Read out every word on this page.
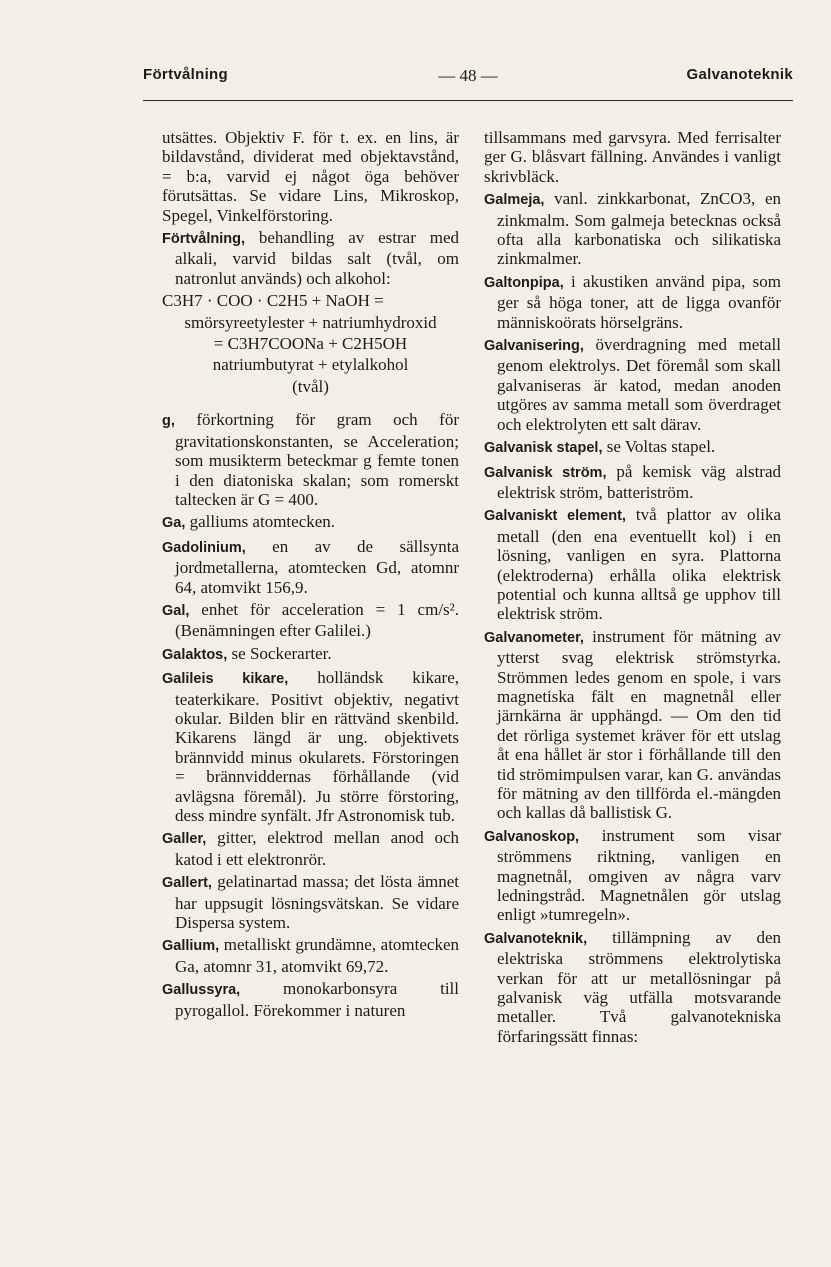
Förtvålning	— 48 —	Galvanoteknik

utsättes. Objektiv F. för t. ex. en lins, är bildavstånd, dividerat med objektavstånd, = b:a, varvid ej något öga behöver förutsättas. Se vidare Lins, Mikroskop, Spegel, Vinkelförstoring.

Förtvålning, behandling av estrar med alkali, varvid bildas salt (tvål, om natronlut används) och alkohol:

C3H7 · COO · C2H5 + NaOH =

smörsyreetylester + natriumhydroxid

= C3H7COONa + C2H5OH

natriumbutyrat + etylalkohol

(tvål)

g, förkortning för gram och för gravitationskonstanten, se Acceleration; som musikterm beteckmar g femte tonen i den diatoniska skalan; som romerskt taltecken är G = 400.

Ga, galliums atomtecken.

Gadolinium, en av de sällsynta jordmetallerna, atomtecken Gd, atomnr 64, atomvikt 156,9.

Gal, enhet för acceleration = 1 cm/s². (Benämningen efter Galilei.)

Galaktos, se Sockerarter.

Galileis kikare, holländsk kikare, teaterkikare. Positivt objektiv, negativt okular. Bilden blir en rättvänd skenbild. Kikarens längd är ung. objektivets brännvidd minus okularets. Förstoringen = brännviddernas förhållande (vid avlägsna föremål). Ju större förstoring, dess mindre synfält. Jfr Astronomisk tub.

Galler, gitter, elektrod mellan anod och katod i ett elektronrör.

Gallert, gelatinartad massa; det lösta ämnet har uppsugit lösningsvätskan. Se vidare Dispersa system.

Gallium, metalliskt grundämne, atomtecken Ga, atomnr 31, atomvikt 69,72.

Gallussyra, monokarbonsyra till pyrogallol. Förekommer i naturen

tillsammans med garvsyra. Med ferrisalter ger G. blåsvart fällning. Användes i vanligt skrivbläck.

Galmeja, vanl. zinkkarbonat, ZnCO3, en zinkmalm. Som galmeja betecknas också ofta alla karbonatiska och silikatiska zinkmalmer.

Galtonpipa, i akustiken använd pipa, som ger så höga toner, att de ligga ovanför människoörats hörselgräns.

Galvanisering, överdragning med metall genom elektrolys. Det föremål som skall galvaniseras är katod, medan anoden utgöres av samma metall som överdraget och elektrolyten ett salt därav.

Galvanisk stapel, se Voltas stapel.

Galvanisk ström, på kemisk väg alstrad elektrisk ström, batteriström.

Galvaniskt element, två plattor av olika metall (den ena eventuellt kol) i en lösning, vanligen en syra. Plattorna (elektroderna) erhålla olika elektrisk potential och kunna alltså ge upphov till elektrisk ström.

Galvanometer, instrument för mätning av ytterst svag elektrisk strömstyrka. Strömmen ledes genom en spole, i vars magnetiska fält en magnetnål eller järnkärna är upphängd. — Om den tid det rörliga systemet kräver för ett utslag åt ena hållet är stor i förhållande till den tid strömimpulsen varar, kan G. användas för mätning av den tillförda el.-mängden och kallas då ballistisk G.

Galvanoskop, instrument som visar strömmens riktning, vanligen en magnetnål, omgiven av några varv ledningstråd. Magnetnålen gör utslag enligt »tumregeln».

Galvanoteknik, tillämpning av den elektriska strömmens elektrolytiska verkan för att ur metallösningar på galvanisk väg utfälla motsvarande metaller. Två galvanotekniska förfaringssätt finnas:
